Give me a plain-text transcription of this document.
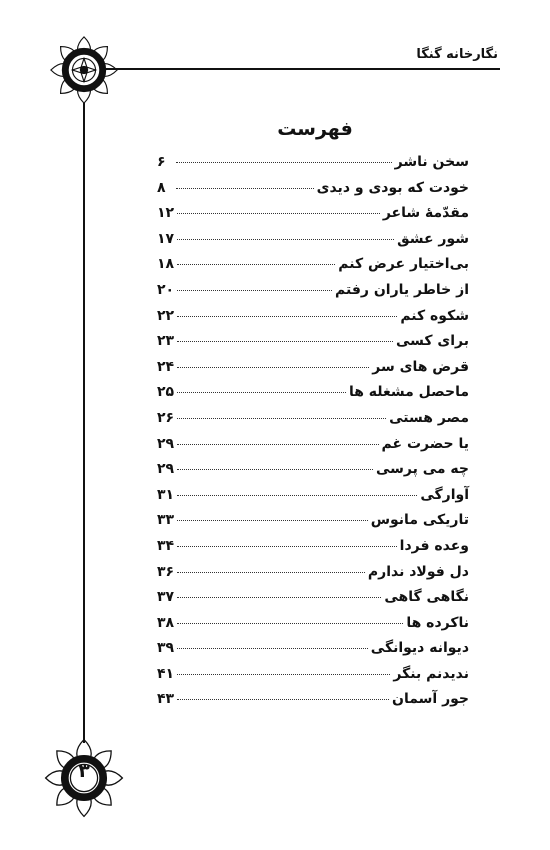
نگارخانه گنگا
فهرست
سخن ناشر
۶
خودت که بودی و دیدی
۸
مقدّمهٔ شاعر
۱۲
شور عشق
۱۷
بی‌اختیار عرض کنم
۱۸
از خاطر یاران رفتم
۲۰
شکوه کنم
۲۲
برای کسی
۲۳
قرض های سر
۲۴
ماحصل مشغله ها
۲۵
مصر هستی
۲۶
یا حضرت غم
۲۹
چه می پرسی
۲۹
آوارگی
۳۱
تاریکی مانوس
۳۳
وعده فردا
۳۴
دل فولاد ندارم
۳۶
نگاهی گاهی
۳۷
ناکرده ها
۳۸
دیوانه دیوانگی
۳۹
ندیدنم بنگر
۴۱
جور آسمان
۴۳
۳
